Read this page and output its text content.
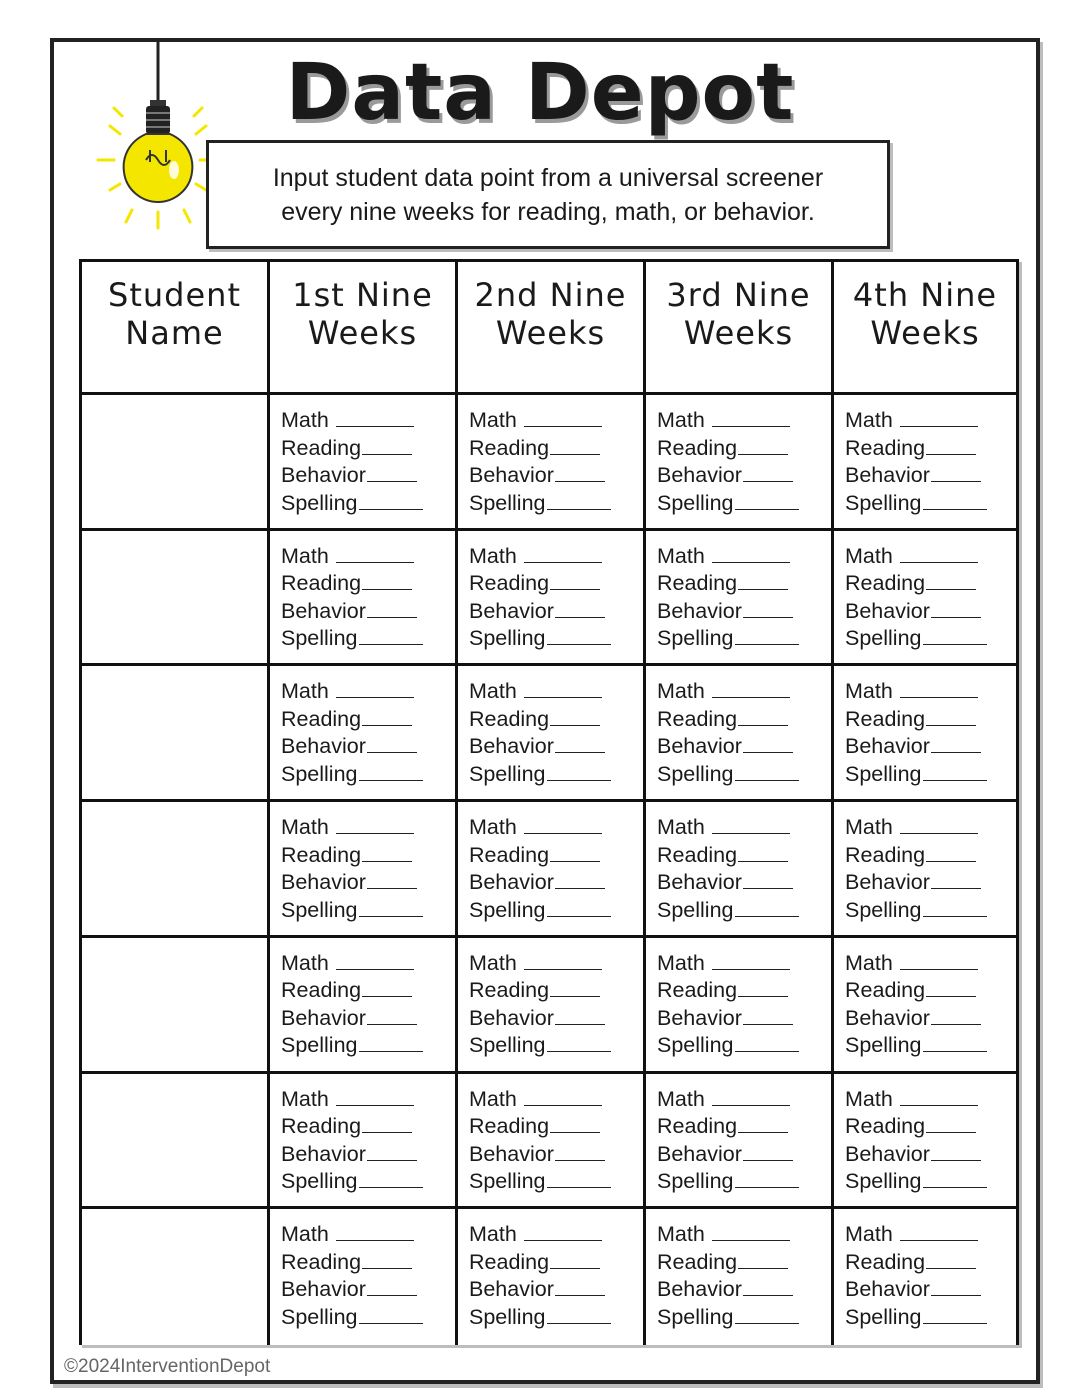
Data Depot
Input student data point from a universal screener
every nine weeks for reading, math, or behavior.
Student
Name
1st Nine
Weeks
2nd Nine
Weeks
3rd Nine
Weeks
4th Nine
Weeks
Math
Reading
Behavior
Spelling
Math
Reading
Behavior
Spelling
Math
Reading
Behavior
Spelling
Math
Reading
Behavior
Spelling
Math
Reading
Behavior
Spelling
Math
Reading
Behavior
Spelling
Math
Reading
Behavior
Spelling
Math
Reading
Behavior
Spelling
Math
Reading
Behavior
Spelling
Math
Reading
Behavior
Spelling
Math
Reading
Behavior
Spelling
Math
Reading
Behavior
Spelling
Math
Reading
Behavior
Spelling
Math
Reading
Behavior
Spelling
Math
Reading
Behavior
Spelling
Math
Reading
Behavior
Spelling
Math
Reading
Behavior
Spelling
Math
Reading
Behavior
Spelling
Math
Reading
Behavior
Spelling
Math
Reading
Behavior
Spelling
Math
Reading
Behavior
Spelling
Math
Reading
Behavior
Spelling
Math
Reading
Behavior
Spelling
Math
Reading
Behavior
Spelling
Math
Reading
Behavior
Spelling
Math
Reading
Behavior
Spelling
Math
Reading
Behavior
Spelling
Math
Reading
Behavior
Spelling
©2024InterventionDepot
